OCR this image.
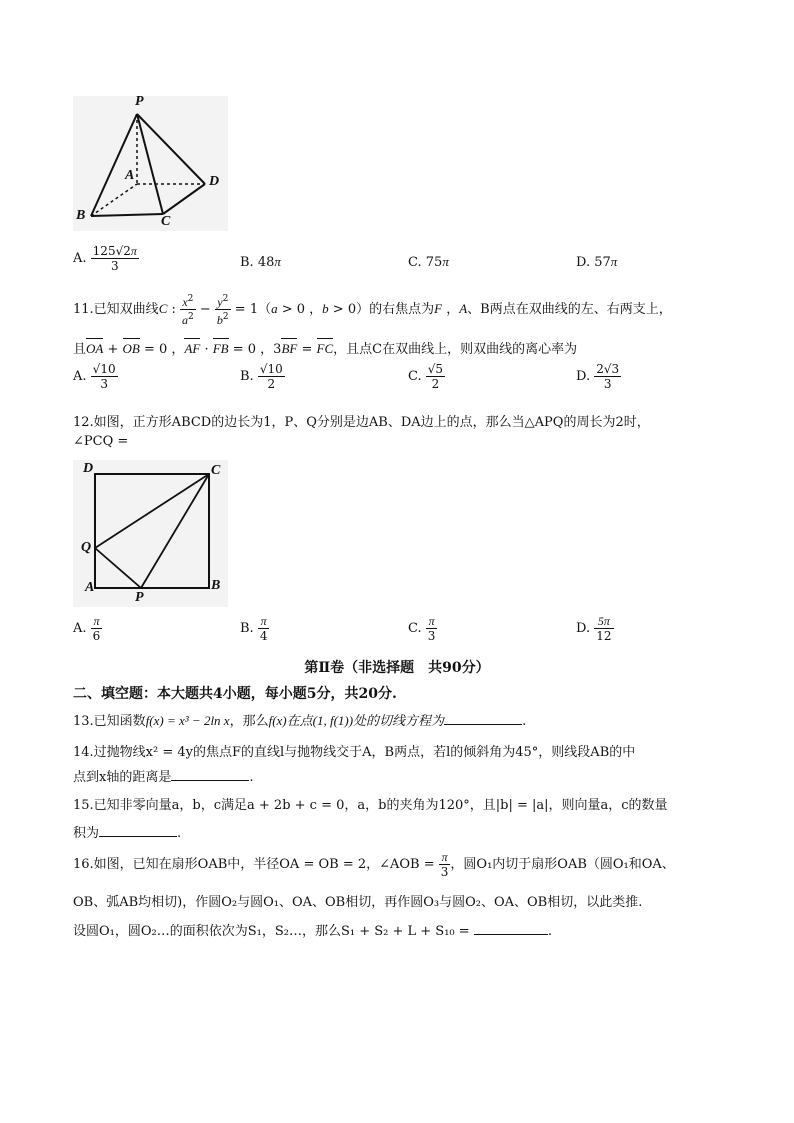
P
A	D
B	C
A. $\frac{125√2\pi}{3}$	B. 48π	C. 75π	D. 57π
11.已知双曲线C : $\frac{x^2}{a^2} - \frac{y^2}{b^2} = 1(a > 0$ ，b > 0）的右焦点为F ，A、B两点在双曲线的左、右两支上，
且OA + OB = 0 ，AF · FB = 0 ，3BF = FC，且点C在双曲线上，则双曲线的离心率为
A. $\frac{√10}{3}$	B. $\frac{√10}{2}$	C. $\frac{√5}{2}$	D. $\frac{2√3}{3}$
12.如图，正方形ABCD的边长为1，P、Q分别是边AB、DA边上的点，那么当△APQ的周长为2时，
∠PCQ =
D	C
Q
A
P
B
A. $\frac{\pi}{6}$	B. $\frac{\pi}{4}$	C. $\frac{\pi}{3}$	D. $\frac{5\pi}{12}$
第Ⅱ卷（非选择题　共90分）
二、填空题：本大题共4小题，每小题5分，共20分.
13.已知函数f(x) = x³ − 2ln x，那么f(x)在点(1, f(1))处的切线方程为	.
14.过抛物线x² = 4y的焦点F的直线l与抛物线交于A，B两点，若l的倾斜角为45°，则线段AB的中
点到x轴的距离是	.
15.已知非零向量a，b，c满足a + 2b + c = 0，a，b的夹角为120°，且|b| = |a|，则向量a，c的数量
积为	.
16.如图，已知在扇形OAB中，半径OA = OB = 2，∠AOB = $\frac{\pi}{3}$ ，圆O₁内切于扇形OAB（圆O₁和OA、
OB、弧AB均相切)，作圆O₂与圆O₁、OA、OB相切，再作圆O₃与圆O₂、OA、OB相切，以此类推.
设圆O₁，圆O₂…的面积依次为S₁，S₂…，那么S₁ + S₂ + L + S₁₀ =	.
